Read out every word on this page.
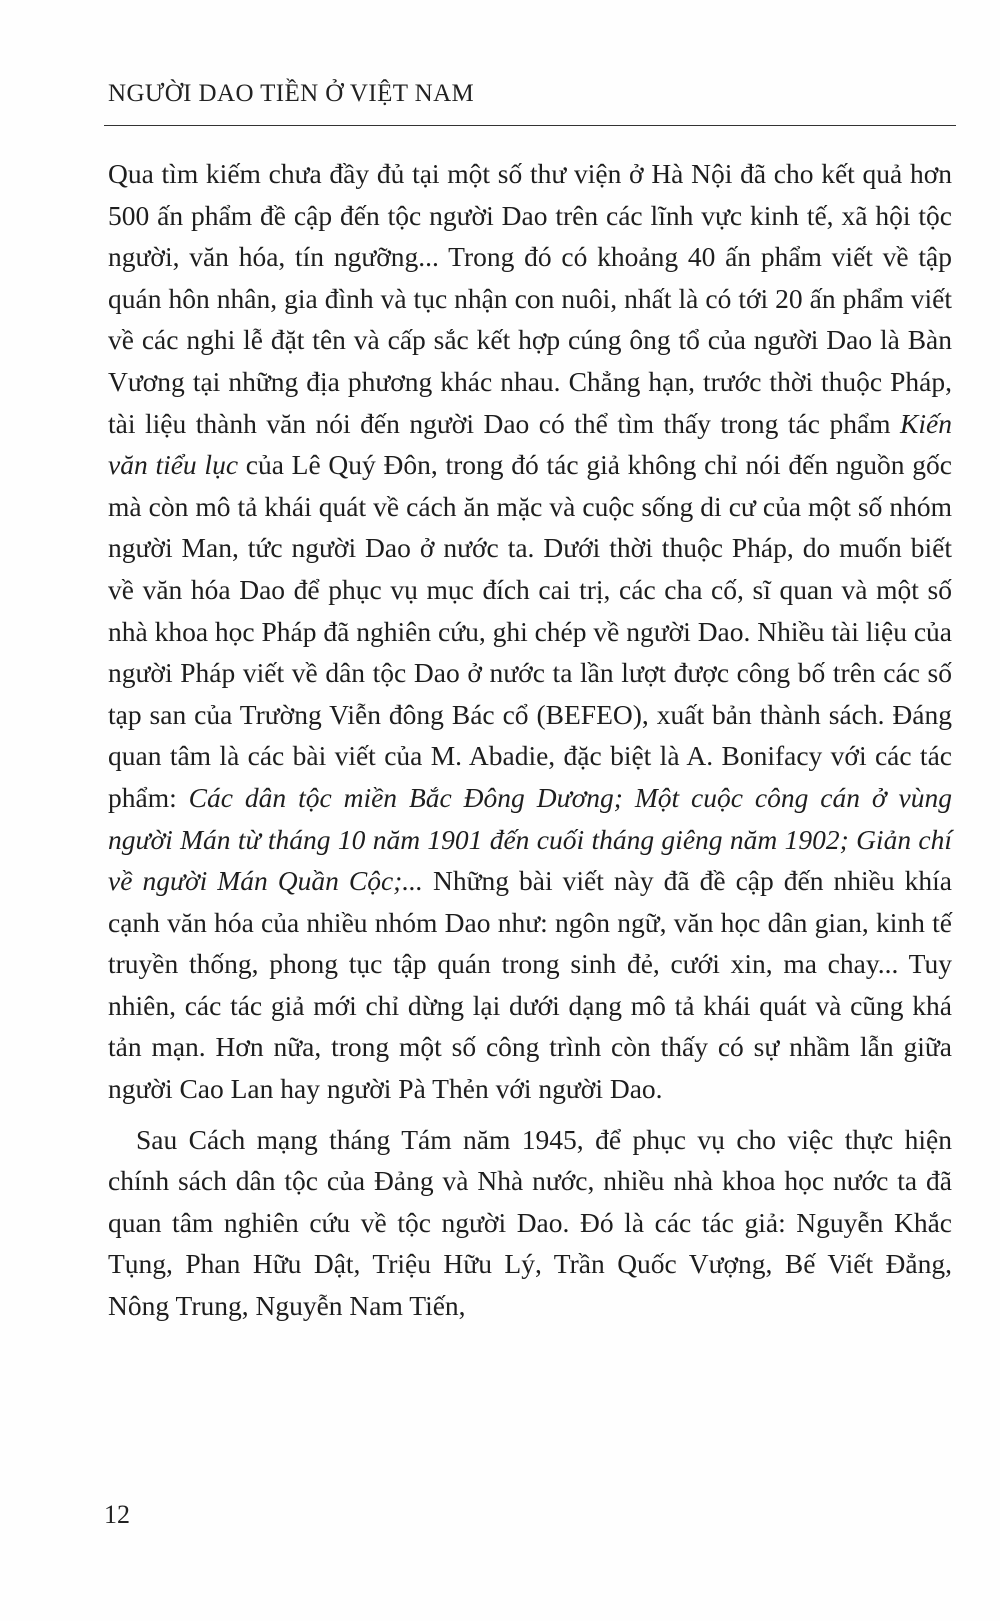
NGƯỜI DAO TIỀN Ở VIỆT NAM

Qua tìm kiếm chưa đầy đủ tại một số thư viện ở Hà Nội đã cho kết quả hơn 500 ấn phẩm đề cập đến tộc người Dao trên các lĩnh vực kinh tế, xã hội tộc người, văn hóa, tín ngưỡng... Trong đó có khoảng 40 ấn phẩm viết về tập quán hôn nhân, gia đình và tục nhận con nuôi, nhất là có tới 20 ấn phẩm viết về các nghi lễ đặt tên và cấp sắc kết hợp cúng ông tổ của người Dao là Bàn Vương tại những địa phương khác nhau. Chẳng hạn, trước thời thuộc Pháp, tài liệu thành văn nói đến người Dao có thể tìm thấy trong tác phẩm Kiến văn tiểu lục của Lê Quý Đôn, trong đó tác giả không chỉ nói đến nguồn gốc mà còn mô tả khái quát về cách ăn mặc và cuộc sống di cư của một số nhóm người Man, tức người Dao ở nước ta. Dưới thời thuộc Pháp, do muốn biết về văn hóa Dao để phục vụ mục đích cai trị, các cha cố, sĩ quan và một số nhà khoa học Pháp đã nghiên cứu, ghi chép về người Dao. Nhiều tài liệu của người Pháp viết về dân tộc Dao ở nước ta lần lượt được công bố trên các số tạp san của Trường Viễn đông Bác cổ (BEFEO), xuất bản thành sách. Đáng quan tâm là các bài viết của M. Abadie, đặc biệt là A. Bonifacy với các tác phẩm: Các dân tộc miền Bắc Đông Dương; Một cuộc công cán ở vùng người Mán từ tháng 10 năm 1901 đến cuối tháng giêng năm 1902; Giản chí về người Mán Quần Cộc;... Những bài viết này đã đề cập đến nhiều khía cạnh văn hóa của nhiều nhóm Dao như: ngôn ngữ, văn học dân gian, kinh tế truyền thống, phong tục tập quán trong sinh đẻ, cưới xin, ma chay... Tuy nhiên, các tác giả mới chỉ dừng lại dưới dạng mô tả khái quát và cũng khá tản mạn. Hơn nữa, trong một số công trình còn thấy có sự nhầm lẫn giữa người Cao Lan hay người Pà Thẻn với người Dao.

Sau Cách mạng tháng Tám năm 1945, để phục vụ cho việc thực hiện chính sách dân tộc của Đảng và Nhà nước, nhiều nhà khoa học nước ta đã quan tâm nghiên cứu về tộc người Dao. Đó là các tác giả: Nguyễn Khắc Tụng, Phan Hữu Dật, Triệu Hữu Lý, Trần Quốc Vượng, Bế Viết Đẳng, Nông Trung, Nguyễn Nam Tiến,

12
